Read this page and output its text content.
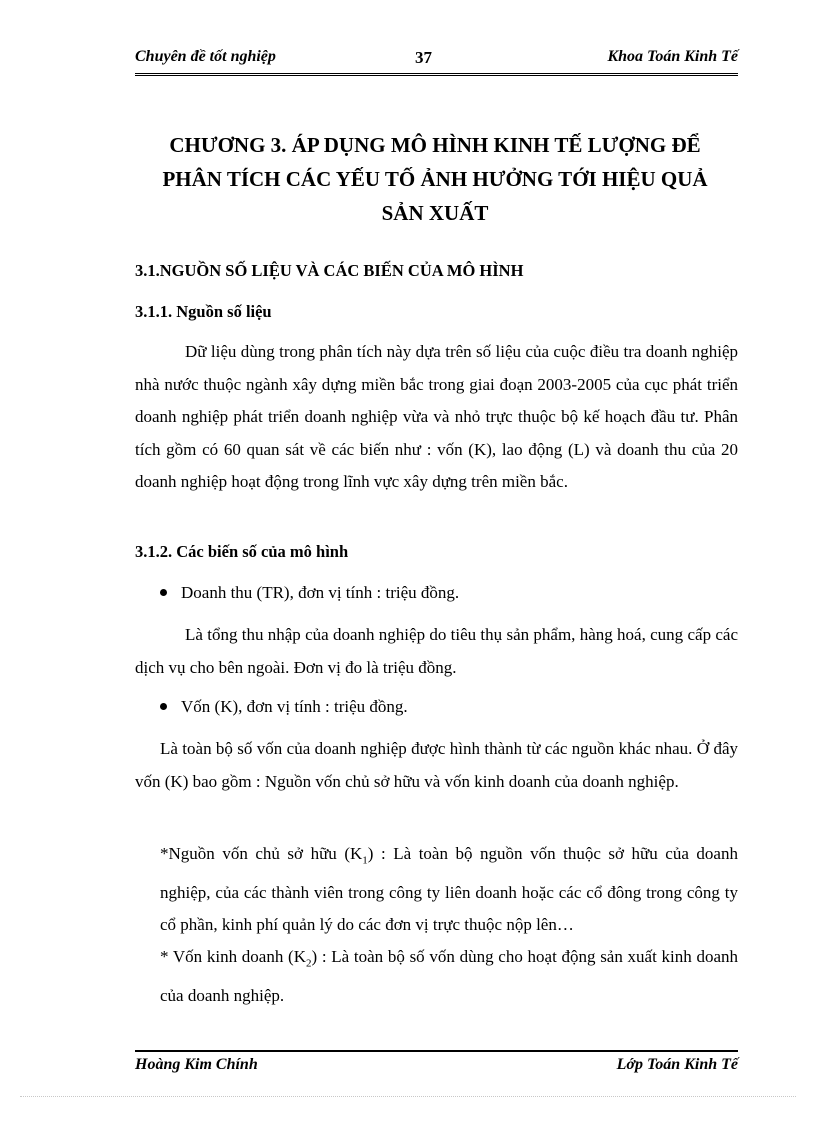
Chuyên đề tốt nghiệp	37	Khoa Toán Kinh Tế
CHƯƠNG 3. ÁP DỤNG MÔ HÌNH KINH TẾ LƯỢNG ĐỂ
PHÂN TÍCH CÁC YẾU TỐ ẢNH HƯỞNG TỚI HIỆU QUẢ
SẢN XUẤT
3.1.NGUỒN SỐ LIỆU VÀ CÁC BIẾN CỦA MÔ HÌNH
3.1.1. Nguồn số liệu
Dữ liệu dùng trong phân tích này dựa trên số liệu của cuộc điều tra doanh nghiệp nhà nước thuộc ngành xây dựng miền bắc trong giai đoạn 2003-2005 của cục phát triển doanh nghiệp phát triển doanh nghiệp vừa và nhỏ trực thuộc bộ kế hoạch đầu tư. Phân tích gồm có 60 quan sát về các biến như : vốn (K), lao động (L) và doanh thu của 20 doanh nghiệp hoạt động trong lĩnh vực xây dựng trên miền bắc.
3.1.2. Các biến số của mô hình
Doanh thu (TR), đơn vị tính : triệu đồng.
Là tổng thu nhập của doanh nghiệp do tiêu thụ sản phẩm, hàng hoá, cung cấp các dịch vụ cho bên ngoài. Đơn vị đo là triệu đồng.
Vốn (K), đơn vị tính : triệu đồng.
Là toàn bộ số vốn của doanh nghiệp được hình thành từ các nguồn khác nhau. Ở đây vốn (K) bao gồm : Nguồn vốn chủ sở hữu và vốn kinh doanh của doanh nghiệp.
*Nguồn vốn chủ sở hữu $(K_1)$ : Là toàn bộ nguồn vốn thuộc sở hữu của doanh nghiệp, của các thành viên trong công ty liên doanh hoặc các cổ đông trong công ty cổ phần, kinh phí quản lý do các đơn vị trực thuộc nộp lên…
* Vốn kinh doanh $(K_2)$ : Là toàn bộ số vốn dùng cho hoạt động sản xuất kinh doanh của doanh nghiệp.
Hoàng Kim Chính	Lớp Toán Kinh Tế
